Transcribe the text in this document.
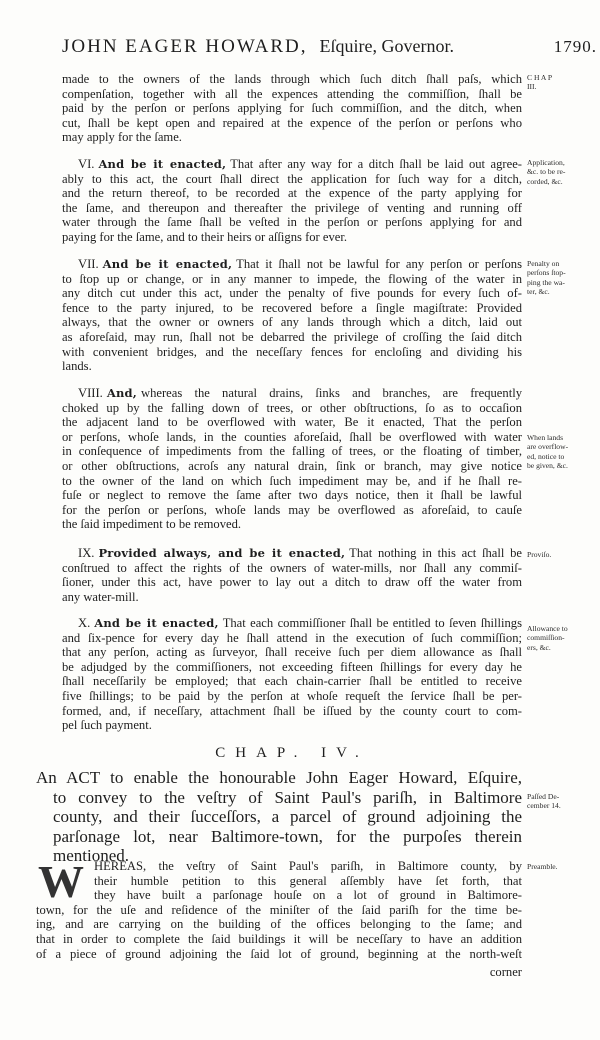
JOHN EAGER HOWARD, Eſquire, Governor.	1790.
made to the owners of the lands through which ſuch ditch ſhall paſs, which
compenſation, together with all the expences attending the commiſſion, ſhall be
paid by the perſon or perſons applying for ſuch commiſſion, and the ditch, when
cut, ſhall be kept open and repaired at the expence of the perſon or perſons who
may apply for the ſame.
C H A P
III.
VI. And be it enacted, That after any way for a ditch ſhall be laid out agree-
ably to this act, the court ſhall direct the application for ſuch way for a ditch,
and the return thereof, to be recorded at the expence of the party applying for
the ſame, and thereupon and thereafter the privilege of venting and running off
water through the ſame ſhall be veſted in the perſon or perſons applying for and
paying for the ſame, and to their heirs or aſſigns for ever.
Application,
&c. to be re-
corded, &c.
VII. And be it enacted, That it ſhall not be lawful for any perſon or perſons
to ſtop up or change, or in any manner to impede, the flowing of the water in
any ditch cut under this act, under the penalty of five pounds for every ſuch of-
fence to the party injured, to be recovered before a ſingle magiſtrate: Provided
always, that the owner or owners of any lands through which a ditch, laid out
as aforeſaid, may run, ſhall not be debarred the privilege of croſſing the ſaid ditch
with convenient bridges, and the neceſſary fences for encloſing and dividing his
lands.
Penalty on
perſons ſtop-
ping the wa-
ter, &c.
VIII. And, whereas the natural drains, ſinks and branches, are frequently
choked up by the falling down of trees, or other obſtructions, ſo as to occaſion
the adjacent land to be overflowed with water, Be it enacted, That the perſon
or perſons, whoſe lands, in the counties aforeſaid, ſhall be overflowed with water
in conſequence of impediments from the falling of trees, or the floating of timber,
or other obſtructions, acroſs any natural drain, ſink or branch, may give notice
to the owner of the land on which ſuch impediment may be, and if he ſhall re-
fuſe or neglect to remove the ſame after two days notice, then it ſhall be lawful
for the perſon or perſons, whoſe lands may be overflowed as aforeſaid, to cauſe
the ſaid impediment to be removed.
When lands
are overflow-
ed, notice to
be given, &c.
IX. Provided always, and be it enacted, That nothing in this act ſhall be
conſtrued to affect the rights of the owners of water-mills, nor ſhall any commiſ-
ſioner, under this act, have power to lay out a ditch to draw off the water from
any water-mill.
Proviſo.
X. And be it enacted, That each commiſſioner ſhall be entitled to ſeven ſhillings
and ſix-pence for every day he ſhall attend in the execution of ſuch commiſſion;
that any perſon, acting as ſurveyor, ſhall receive ſuch per diem allowance as ſhall
be adjudged by the commiſſioners, not exceeding fifteen ſhillings for every day he
ſhall neceſſarily be employed; that each chain-carrier ſhall be entitled to receive
five ſhillings; to be paid by the perſon at whoſe requeſt the ſervice ſhall be per-
formed, and, if neceſſary, attachment ſhall be iſſued by the county court to com-
pel ſuch payment.
Allowance to
commiſſion-
ers, &c.
CHAP. IV.
An ACT to enable the honourable John Eager Howard, Eſquire,
to convey to the veſtry of Saint Paul's pariſh, in Baltimore
county, and their ſucceſſors, a parcel of ground adjoining the
parſonage lot, near Baltimore-town, for the purpoſes therein
mentioned.
Paſſed De-
cember 14.
W HEREAS, the veſtry of Saint Paul's pariſh, in Baltimore county, by
their humble petition to this general aſſembly have ſet forth, that
they have built a parſonage houſe on a lot of ground in Baltimore-
town, for the uſe and reſidence of the miniſter of the ſaid pariſh for the time be-
ing, and are carrying on the building of the offices belonging to the ſame; and
that in order to complete the ſaid buildings it will be neceſſary to have an addition
of a piece of ground adjoining the ſaid lot of ground, beginning at the north-weſt
Preamble.
corner
